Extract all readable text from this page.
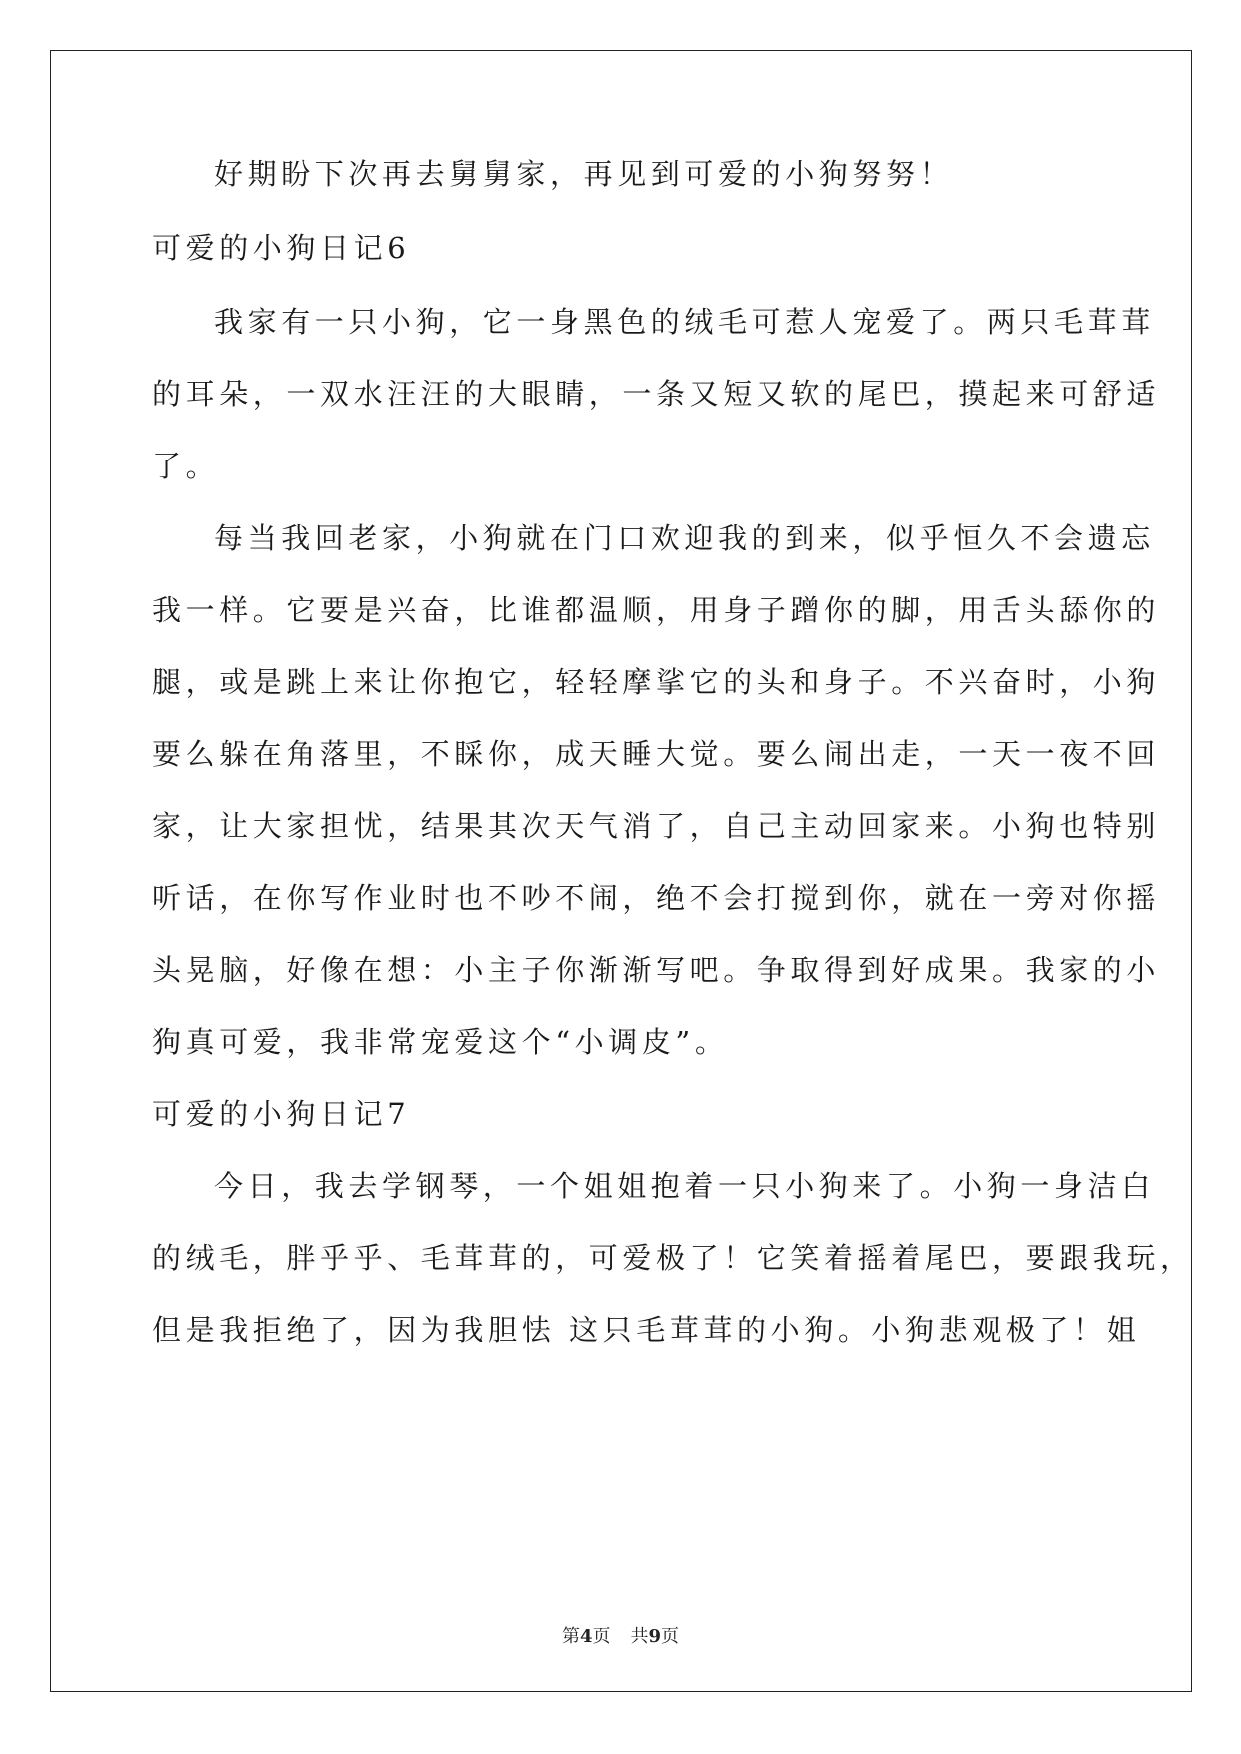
好期盼下次再去舅舅家，再见到可爱的小狗努努！
可爱的小狗日记6
我家有一只小狗，它一身黑色的绒毛可惹人宠爱了。两只毛茸茸
的耳朵，一双水汪汪的大眼睛，一条又短又软的尾巴，摸起来可舒适
了。
每当我回老家，小狗就在门口欢迎我的到来，似乎恒久不会遗忘
我一样。它要是兴奋，比谁都温顺，用身子蹭你的脚，用舌头舔你的
腿，或是跳上来让你抱它，轻轻摩挲它的头和身子。不兴奋时，小狗
要么躲在角落里，不睬你，成天睡大觉。要么闹出走，一天一夜不回
家，让大家担忧，结果其次天气消了，自己主动回家来。小狗也特别
听话，在你写作业时也不吵不闹，绝不会打搅到你，就在一旁对你摇
头晃脑，好像在想：小主子你渐渐写吧。争取得到好成果。我家的小
狗真可爱，我非常宠爱这个“小调皮”。
可爱的小狗日记7
今日，我去学钢琴，一个姐姐抱着一只小狗来了。小狗一身洁白
的绒毛，胖乎乎、毛茸茸的，可爱极了！它笑着摇着尾巴，要跟我玩，
但是我拒绝了，因为我胆怯 这只毛茸茸的小狗。小狗悲观极了！姐
第4页 共9页
